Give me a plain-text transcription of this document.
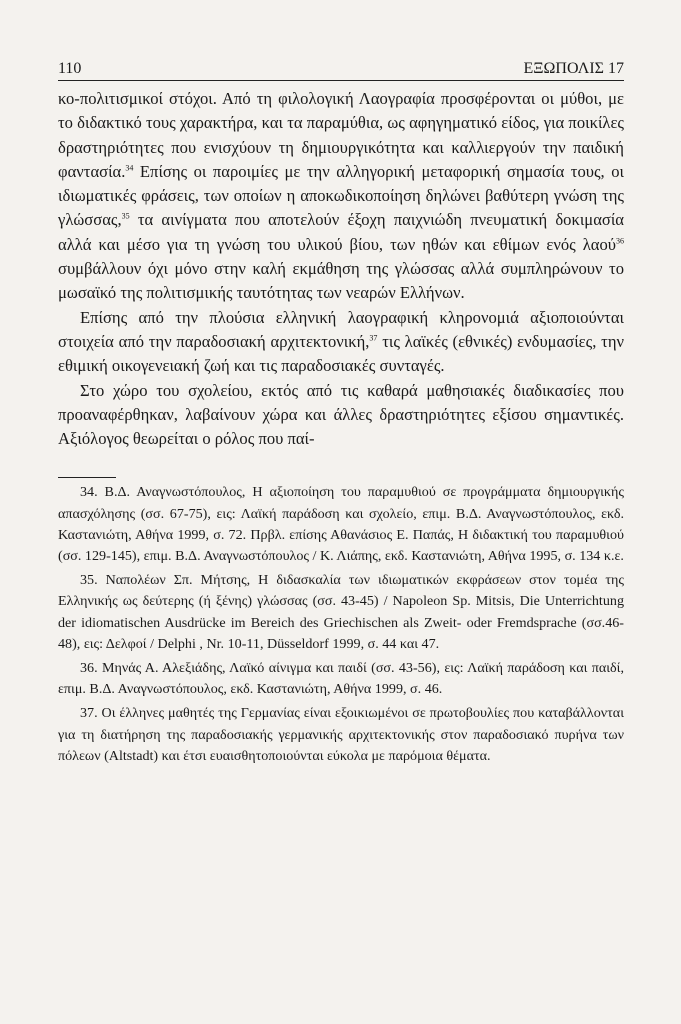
110	ΕΞΩΠΟΛΙΣ 17

κο-πολιτισμικοί στόχοι. Από τη φιλολογική Λαογραφία προσφέρονται οι μύθοι, με το διδακτικό τους χαρακτήρα, και τα παραμύθια, ως αφηγηματικό είδος, για ποικίλες δραστηριότητες που ενισχύουν τη δημιουργικότητα και καλλιεργούν την παιδική φαντασία.$^{34}$ Επίσης οι παροιμίες με την αλληγορική μεταφορική σημασία τους, οι ιδιωματικές φράσεις, των οποίων η αποκωδικοποίηση δηλώνει βαθύτερη γνώση της γλώσσας,$^{35}$ τα αινίγματα που αποτελούν έξοχη παιχνιώδη πνευματική δοκιμασία αλλά και μέσο για τη γνώση του υλικού βίου, των ηθών και εθίμων ενός λαού$^{36}$ συμβάλλουν όχι μόνο στην καλή εκμάθηση της γλώσσας αλλά συμπληρώνουν το μωσαϊκό της πολιτισμικής ταυτότητας των νεαρών Ελλήνων.

Επίσης από την πλούσια ελληνική λαογραφική κληρονομιά αξιοποιούνται στοιχεία από την παραδοσιακή αρχιτεκτονική,$^{37}$ τις λαϊκές (εθνικές) ενδυμασίες, την εθιμική οικογενειακή ζωή και τις παραδοσιακές συνταγές.

Στο χώρο του σχολείου, εκτός από τις καθαρά μαθησιακές διαδικασίες που προαναφέρθηκαν, λαβαίνουν χώρα και άλλες δραστηριότητες εξίσου σημαντικές. Αξιόλογος θεωρείται ο ρόλος που παί-

34. Β.Δ. Αναγνωστόπουλος, Η αξιοποίηση του παραμυθιού σε προγράμματα δημιουργικής απασχόλησης (σσ. 67-75), εις: Λαϊκή παράδοση και σχολείο, επιμ. Β.Δ. Αναγνωστόπουλος, εκδ. Καστανιώτη, Αθήνα 1999, σ. 72. Πρβλ. επίσης Αθανάσιος Ε. Παπάς, Η διδακτική του παραμυθιού (σσ. 129-145), επιμ. Β.Δ. Αναγνωστόπουλος / Κ. Λιάπης, εκδ. Καστανιώτη, Αθήνα 1995, σ. 134 κ.ε.

35. Ναπολέων Σπ. Μήτσης, Η διδασκαλία των ιδιωματικών εκφράσεων στον τομέα της Ελληνικής ως δεύτερης (ή ξένης) γλώσσας (σσ. 43-45) / Napoleon Sp. Mitsis, Die Unterrichtung der idiomatischen Ausdrücke im Bereich des Griechischen als Zweit- oder Fremdsprache (σσ.46-48), εις: Δελφοί / Delphi , Nr. 10-11, Düsseldorf 1999, σ. 44 και 47.

36. Μηνάς Α. Αλεξιάδης, Λαϊκό αίνιγμα και παιδί (σσ. 43-56), εις: Λαϊκή παράδοση και παιδί, επιμ. Β.Δ. Αναγνωστόπουλος, εκδ. Καστανιώτη, Αθήνα 1999, σ. 46.

37. Οι έλληνες μαθητές της Γερμανίας είναι εξοικιωμένοι σε πρωτοβουλίες που καταβάλλονται για τη διατήρηση της παραδοσιακής γερμανικής αρχιτεκτονικής στον παραδοσιακό πυρήνα των πόλεων (Altstadt) και έτσι ευαισθητοποιούνται εύκολα με παρόμοια θέματα.
